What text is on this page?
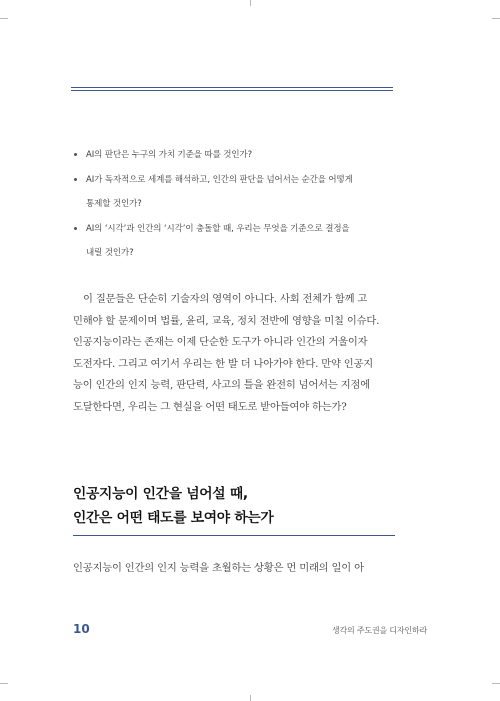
AI의 판단은 누구의 가치 기준을 따를 것인가?
AI가 독자적으로 세계를 해석하고, 인간의 판단을 넘어서는 순간을 어떻게
통제할 것인가?
AI의 ‘시각’과 인간의 ‘시각’이 충돌할 때, 우리는 무엇을 기준으로 결정을
내릴 것인가?

이 질문들은 단순히 기술자의 영역이 아니다. 사회 전체가 함께 고
민해야 할 문제이며 법률, 윤리, 교육, 정치 전반에 영향을 미칠 이슈다.
인공지능이라는 존재는 이제 단순한 도구가 아니라 인간의 거울이자
도전자다. 그리고 여기서 우리는 한 발 더 나아가야 한다. 만약 인공지
능이 인간의 인지 능력, 판단력, 사고의 틀을 완전히 넘어서는 지점에
도달한다면, 우리는 그 현실을 어떤 태도로 받아들여야 하는가?

인공지능이 인간을 넘어설 때,
인간은 어떤 태도를 보여야 하는가

인공지능이 인간의 인지 능력을 초월하는 상황은 먼 미래의 일이 아

10	생각의 주도권을 디자인하라
